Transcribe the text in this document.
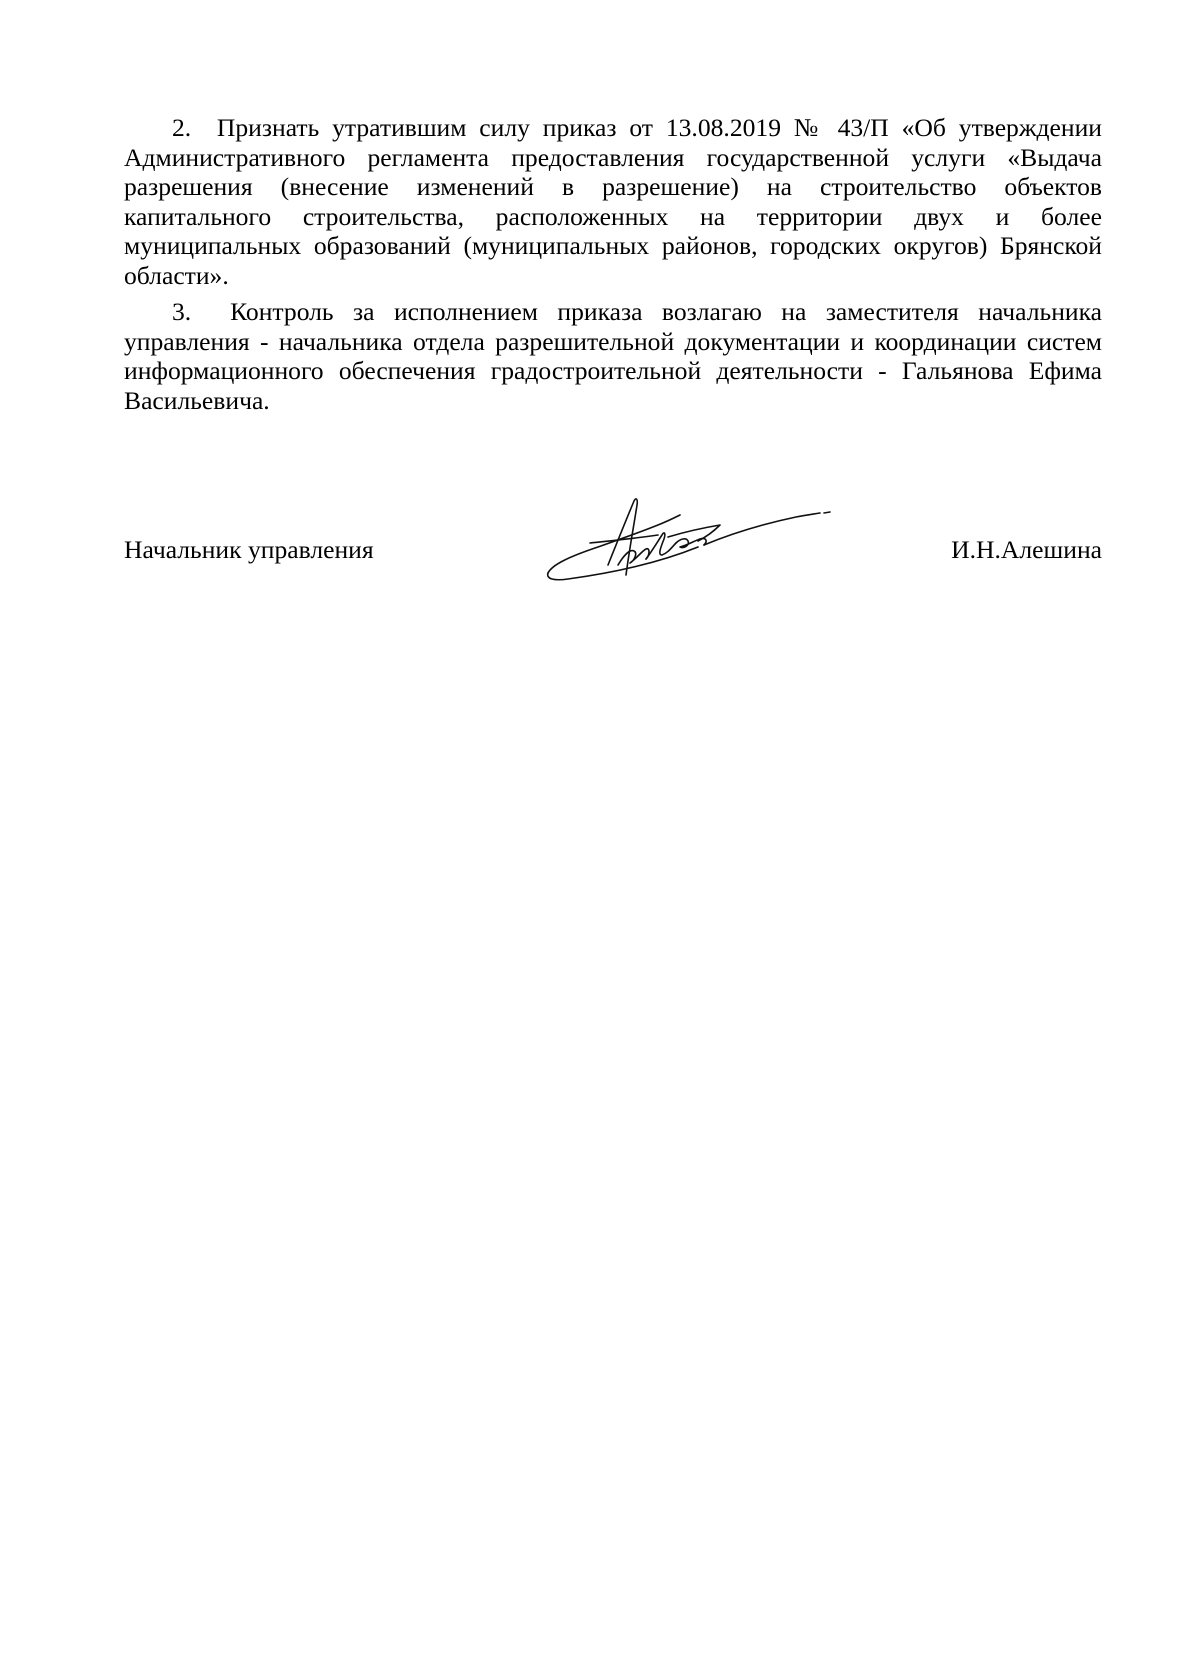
2. Признать утратившим силу приказ от 13.08.2019 № 43/П «Об утверждении Административного регламента предоставления государственной услуги «Выдача разрешения (внесение изменений в разрешение) на строительство объектов капитального строительства, расположенных на территории двух и более муниципальных образований (муниципальных районов, городских округов) Брянской области».

3. Контроль за исполнением приказа возлагаю на заместителя начальника управления - начальника отдела разрешительной документации и координации систем информационного обеспечения градостроительной деятельности - Гальянова Ефима Васильевича.

Начальник управления	И.Н.Алешина
